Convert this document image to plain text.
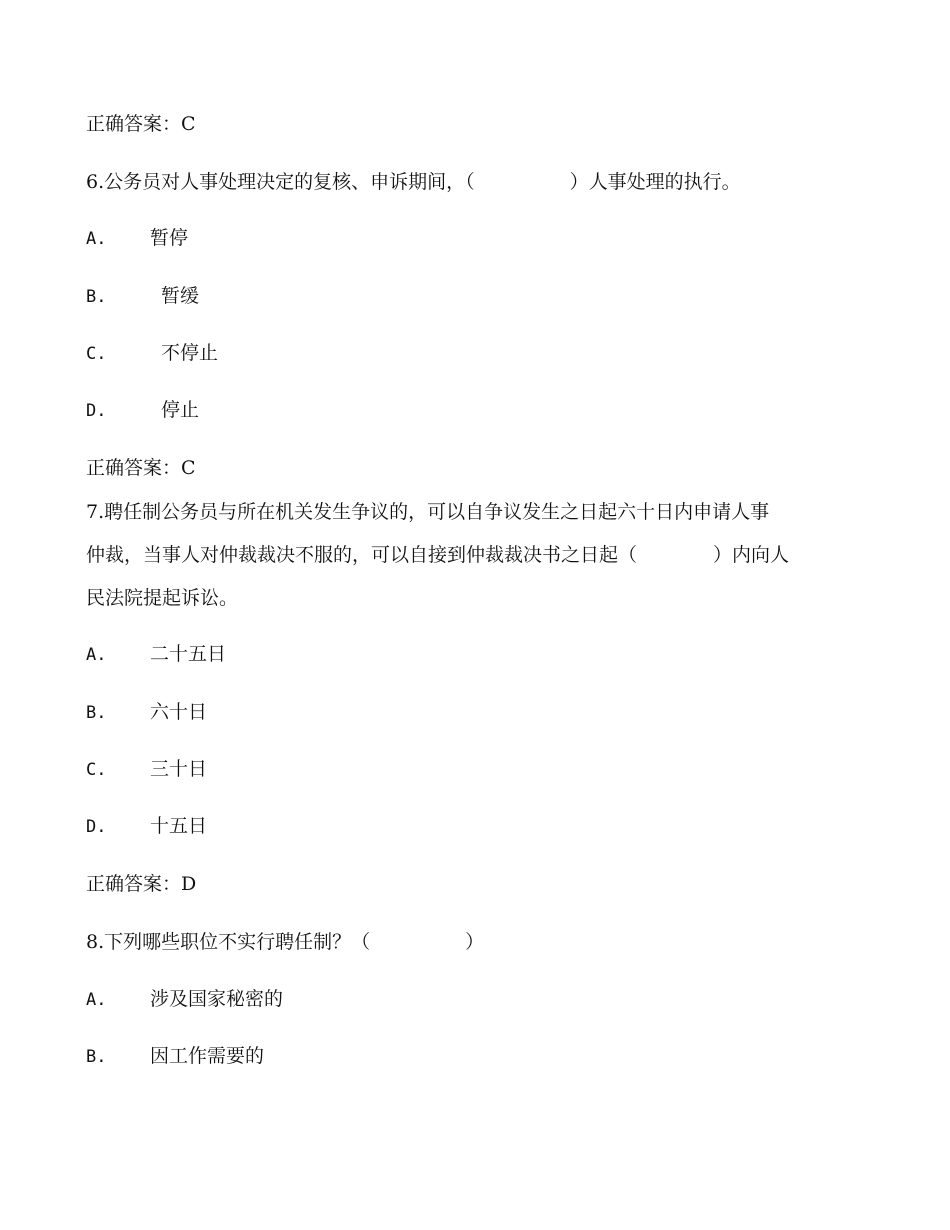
正确答案：C
6.公务员对人事处理决定的复核、申诉期间，（　　　　　）人事处理的执行。
A. 暂停
B.	暂缓
C.	不停止
D.	停止
正确答案：C
7.聘任制公务员与所在机关发生争议的，可以自争议发生之日起六十日内申请人事
仲裁，当事人对仲裁裁决不服的，可以自接到仲裁裁决书之日起（　　　　）内向人
民法院提起诉讼。
A. 二十五日
B. 六十日
C. 三十日
D. 十五日
正确答案：D
8.下列哪些职位不实行聘任制？（　　　　　）
A. 涉及国家秘密的
B. 因工作需要的
